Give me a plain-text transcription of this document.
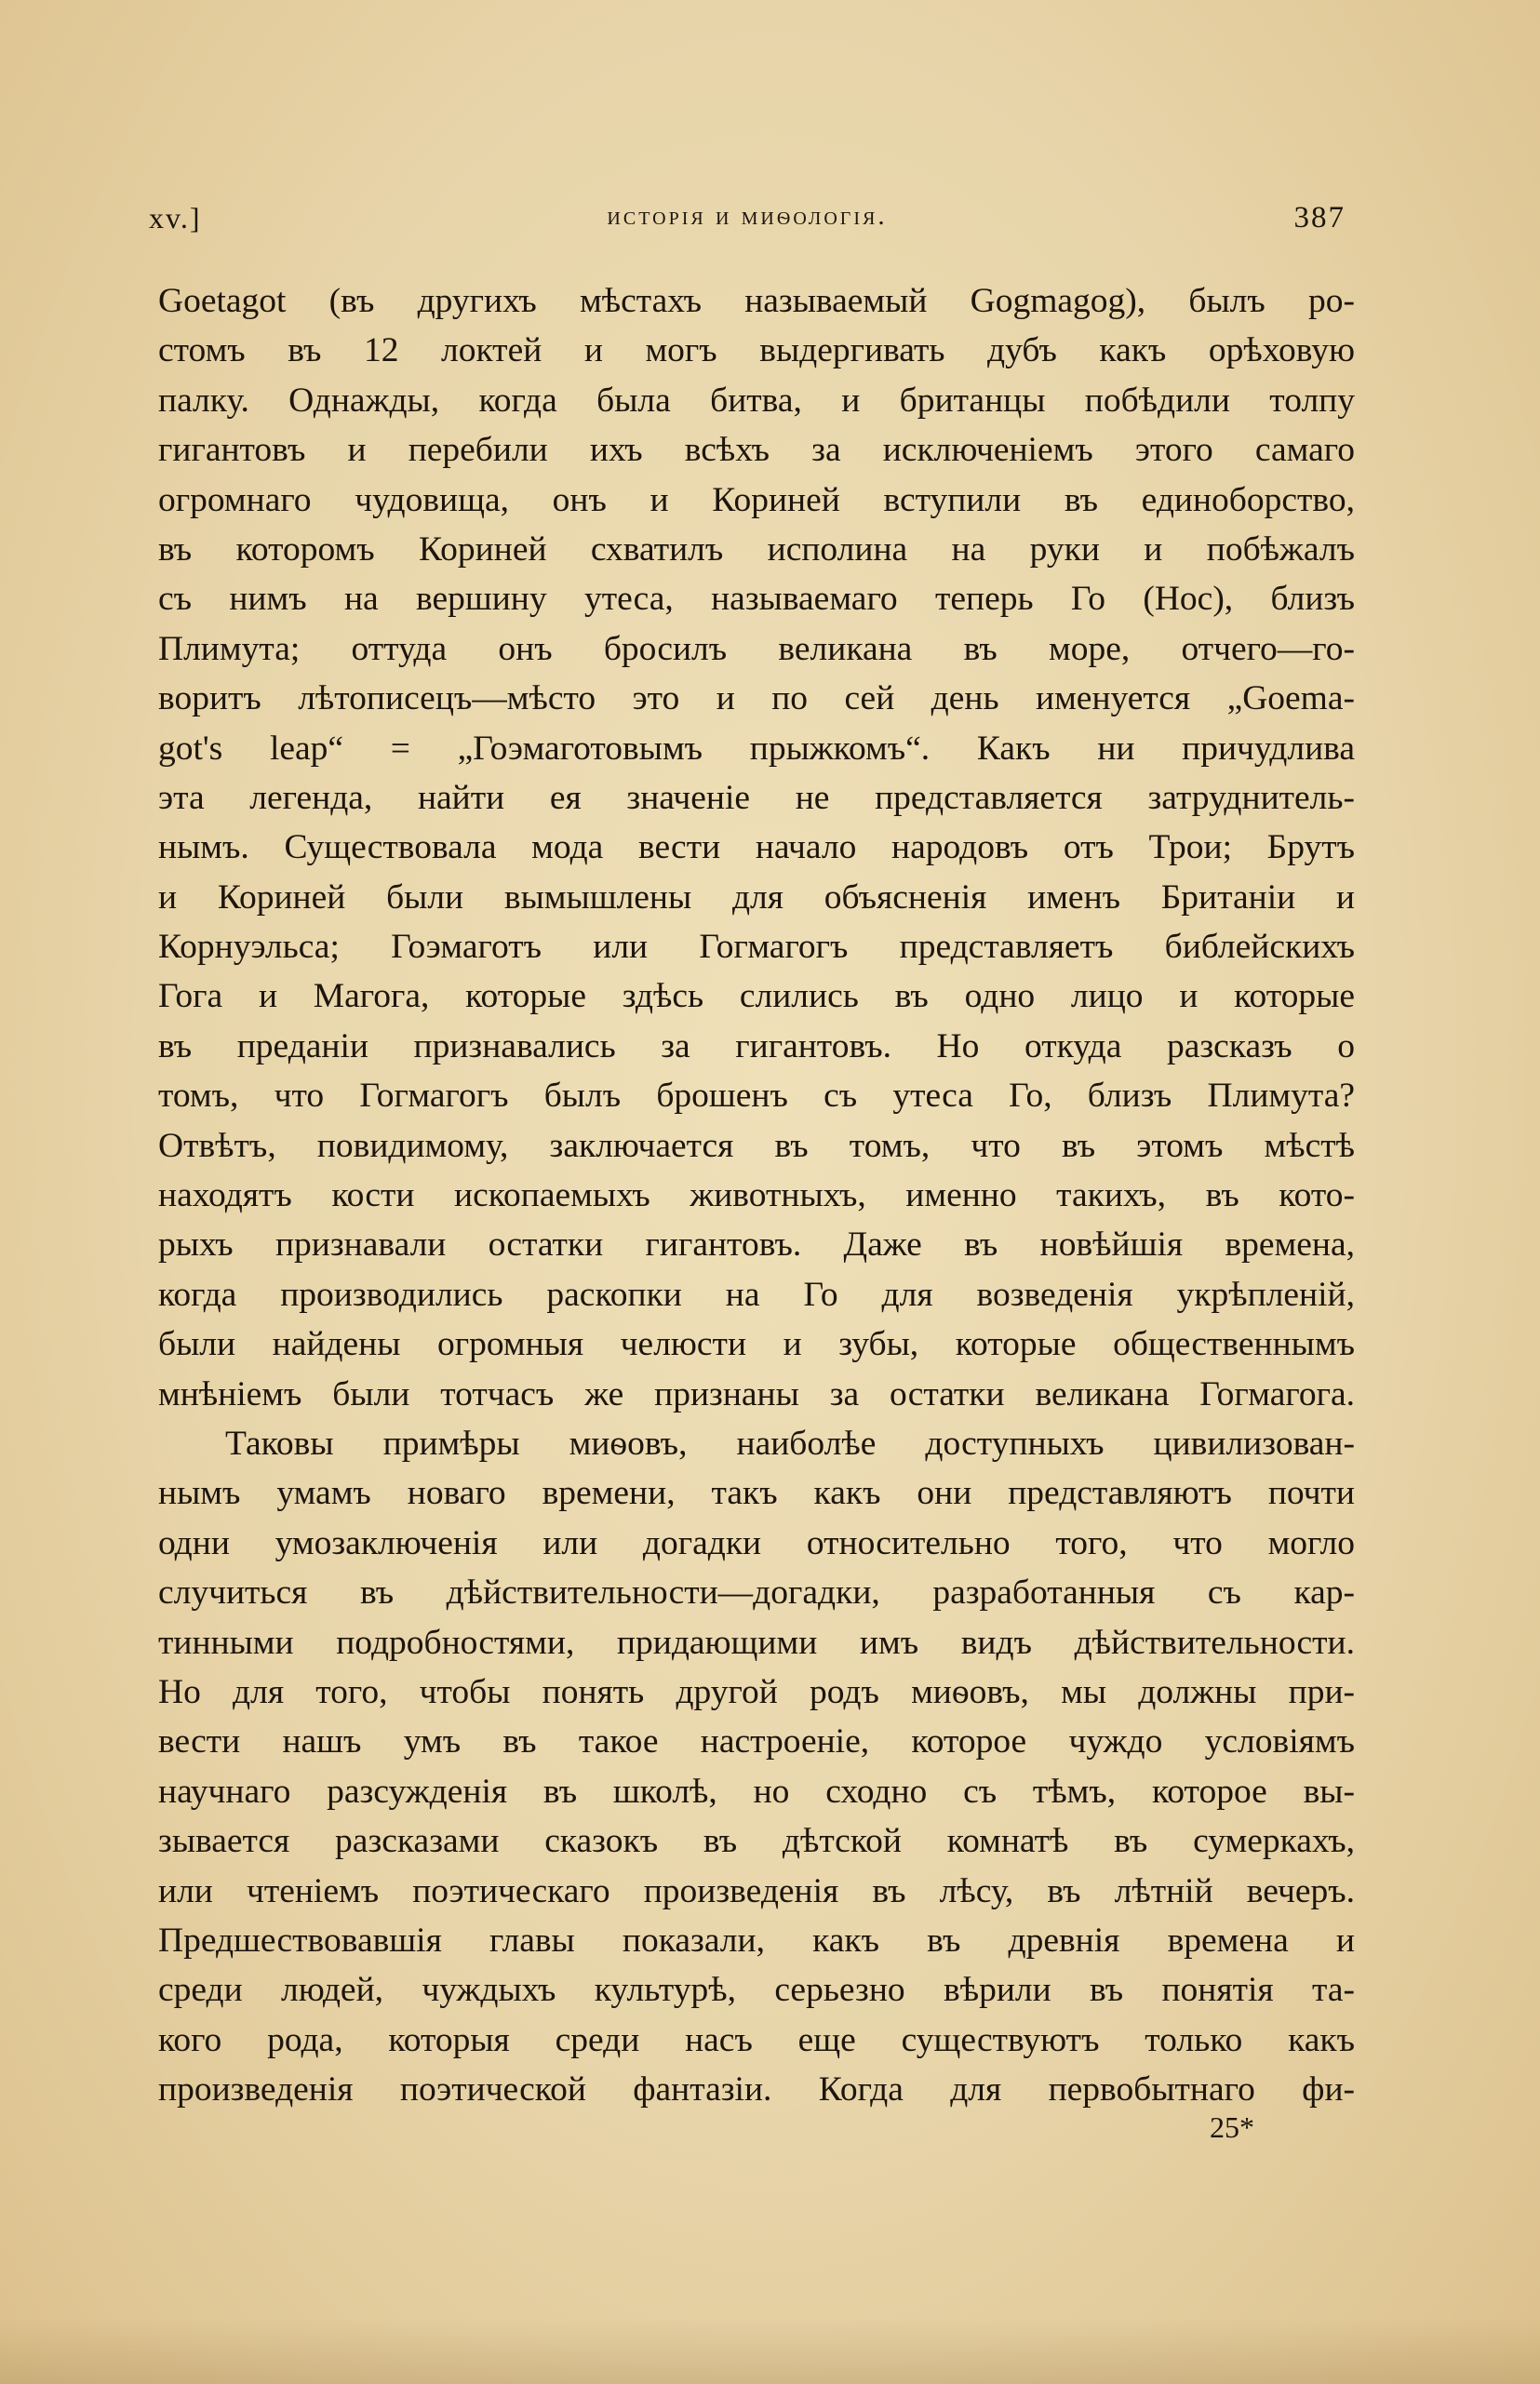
xv.]	исторія и миѳологія.	387
Goetagot (въ другихъ мѣстахъ называемый Gogmagog), былъ ро-
стомъ въ 12 локтей и могъ выдергивать дубъ какъ орѣховую
палку. Однажды, когда была битва, и британцы побѣдили толпу
гигантовъ и перебили ихъ всѣхъ за исключеніемъ этого самаго
огромнаго чудовища, онъ и Кориней вступили въ единоборство,
въ которомъ Кориней схватилъ исполина на руки и побѣжалъ
съ нимъ на вершину утеса, называемаго теперь Го (Hoc), близъ
Плимута; оттуда онъ бросилъ великана въ море, отчего—го-
воритъ лѣтописецъ—мѣсто это и по сей день именуется „Goema-
got's leap“ = „Гоэмаготовымъ прыжкомъ“. Какъ ни причудлива
эта легенда, найти ея значеніе не представляется затруднитель-
нымъ. Существовала мода вести начало народовъ отъ Трои; Брутъ
и Кориней были вымышлены для объясненія именъ Британіи и
Корнуэльса; Гоэмаготъ или Гогмагогъ представляетъ библейскихъ
Гога и Магога, которые здѣсь слились въ одно лицо и которые
въ преданіи признавались за гигантовъ. Но откуда разсказъ о
томъ, что Гогмагогъ былъ брошенъ съ утеса Го, близъ Плимута?
Отвѣтъ, повидимому, заключается въ томъ, что въ этомъ мѣстѣ
находятъ кости ископаемыхъ животныхъ, именно такихъ, въ кото-
рыхъ признавали остатки гигантовъ. Даже въ новѣйшія времена,
когда производились раскопки на Го для возведенія укрѣпленій,
были найдены огромныя челюсти и зубы, которые общественнымъ
мнѣніемъ были тотчасъ же признаны за остатки великана Гогмагога.
Таковы примѣры миѳовъ, наиболѣе доступныхъ цивилизован-
нымъ умамъ новаго времени, такъ какъ они представляютъ почти
одни умозаключенія или догадки относительно того, что могло
случиться въ дѣйствительности—догадки, разработанныя съ кар-
тинными подробностями, придающими имъ видъ дѣйствительности.
Но для того, чтобы понять другой родъ миѳовъ, мы должны при-
вести нашъ умъ въ такое настроеніе, которое чуждо условіямъ
научнаго разсужденія въ школѣ, но сходно съ тѣмъ, которое вы-
зывается разсказами сказокъ въ дѣтской комнатѣ въ сумеркахъ,
или чтеніемъ поэтическаго произведенія въ лѣсу, въ лѣтній вечеръ.
Предшествовавшія главы показали, какъ въ древнія времена и
среди людей, чуждыхъ культурѣ, серьезно вѣрили въ понятія та-
кого рода, которыя среди насъ еще существуютъ только какъ
произведенія поэтической фантазіи. Когда для первобытнаго фи-
25*
